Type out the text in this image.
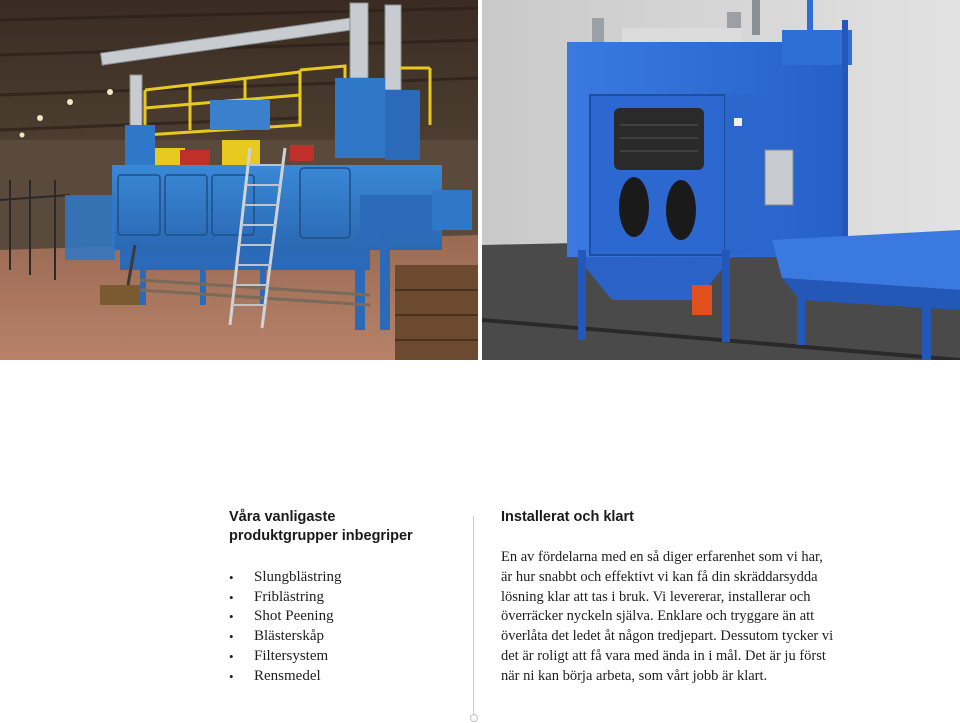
Våra vanligaste
produktgrupper inbegriper
• Slungblästring
• Friblästring
• Shot Peening
• Blästerskåp
• Filtersystem
• Rensmedel
Installerat och klart

En av fördelarna med en så diger erfarenhet som vi har,
är hur snabbt och effektivt vi kan få din skräddarsydda
lösning klar att tas i bruk. Vi levererar, installerar och
överräcker nyckeln själva. Enklare och tryggare än att
överlåta det ledet åt någon tredjepart. Dessutom tycker vi
det är roligt att få vara med ända in i mål. Det är ju först
när ni kan börja arbeta, som vårt jobb är klart.
